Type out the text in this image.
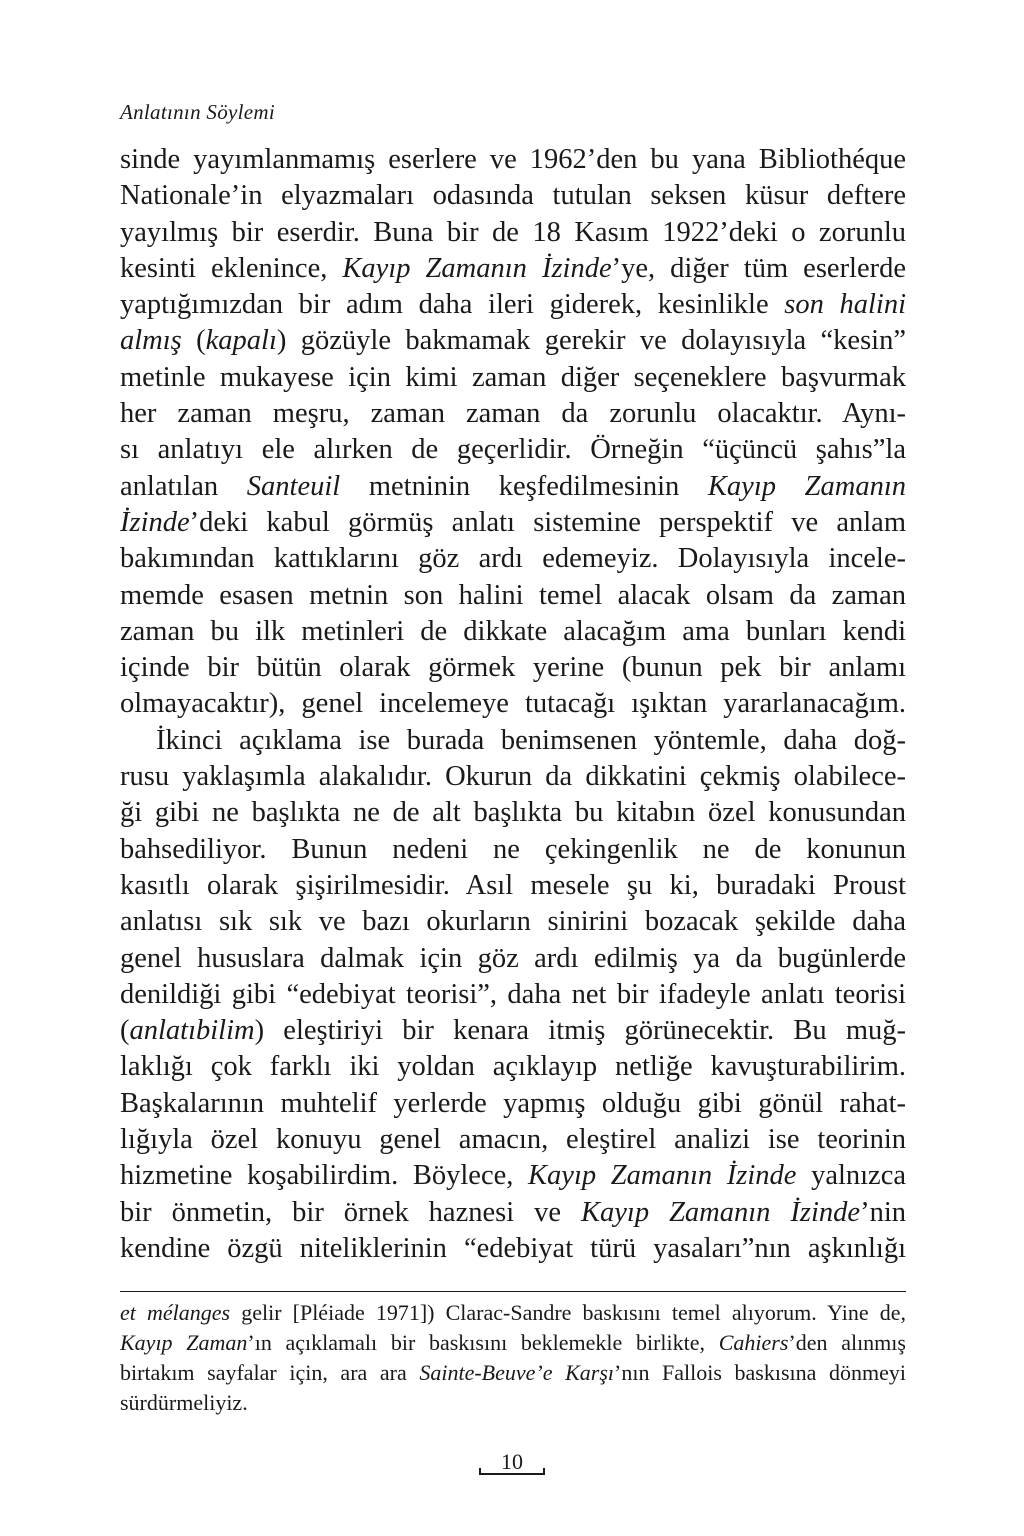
Anlatının Söylemi
sinde yayımlanmamış eserlere ve 1962’den bu yana Bibliothéque
Nationale’in elyazmaları odasında tutulan seksen küsur deftere
yayılmış bir eserdir. Buna bir de 18 Kasım 1922’deki o zorunlu
kesinti eklenince, Kayıp Zamanın İzinde’ye, diğer tüm eserlerde
yaptığımızdan bir adım daha ileri giderek, kesinlikle son halini
almış (kapalı) gözüyle bakmamak gerekir ve dolayısıyla “kesin”
metinle mukayese için kimi zaman diğer seçeneklere başvurmak
her zaman meşru, zaman zaman da zorunlu olacaktır. Aynı-
sı anlatıyı ele alırken de geçerlidir. Örneğin “üçüncü şahıs”la
anlatılan Santeuil metninin keşfedilmesinin Kayıp Zamanın
İzinde’deki kabul görmüş anlatı sistemine perspektif ve anlam
bakımından kattıklarını göz ardı edemeyiz. Dolayısıyla incele-
memde esasen metnin son halini temel alacak olsam da zaman
zaman bu ilk metinleri de dikkate alacağım ama bunları kendi
içinde bir bütün olarak görmek yerine (bunun pek bir anlamı
olmayacaktır), genel incelemeye tutacağı ışıktan yararlanacağım.
İkinci açıklama ise burada benimsenen yöntemle, daha doğ-
rusu yaklaşımla alakalıdır. Okurun da dikkatini çekmiş olabilece-
ği gibi ne başlıkta ne de alt başlıkta bu kitabın özel konusundan
bahsediliyor. Bunun nedeni ne çekingenlik ne de konunun
kasıtlı olarak şişirilmesidir. Asıl mesele şu ki, buradaki Proust
anlatısı sık sık ve bazı okurların sinirini bozacak şekilde daha
genel hususlara dalmak için göz ardı edilmiş ya da bugünlerde
denildiği gibi “edebiyat teorisi”, daha net bir ifadeyle anlatı teorisi
(anlatıbilim) eleştiriyi bir kenara itmiş görünecektir. Bu muğ-
laklığı çok farklı iki yoldan açıklayıp netliğe kavuşturabilirim.
Başkalarının muhtelif yerlerde yapmış olduğu gibi gönül rahat-
lığıyla özel konuyu genel amacın, eleştirel analizi ise teorinin
hizmetine koşabilirdim. Böylece, Kayıp Zamanın İzinde yalnızca
bir önmetin, bir örnek haznesi ve Kayıp Zamanın İzinde’nin
kendine özgü niteliklerinin “edebiyat türü yasaları”nın aşkınlığı
et mélanges gelir [Pléiade 1971]) Clarac-Sandre baskısını temel alıyorum. Yine de,
Kayıp Zaman’ın açıklamalı bir baskısını beklemekle birlikte, Cahiers’den alınmış
birtakım sayfalar için, ara ara Sainte-Beuve’e Karşı’nın Fallois baskısına dönmeyi
sürdürmeliyiz.
10
